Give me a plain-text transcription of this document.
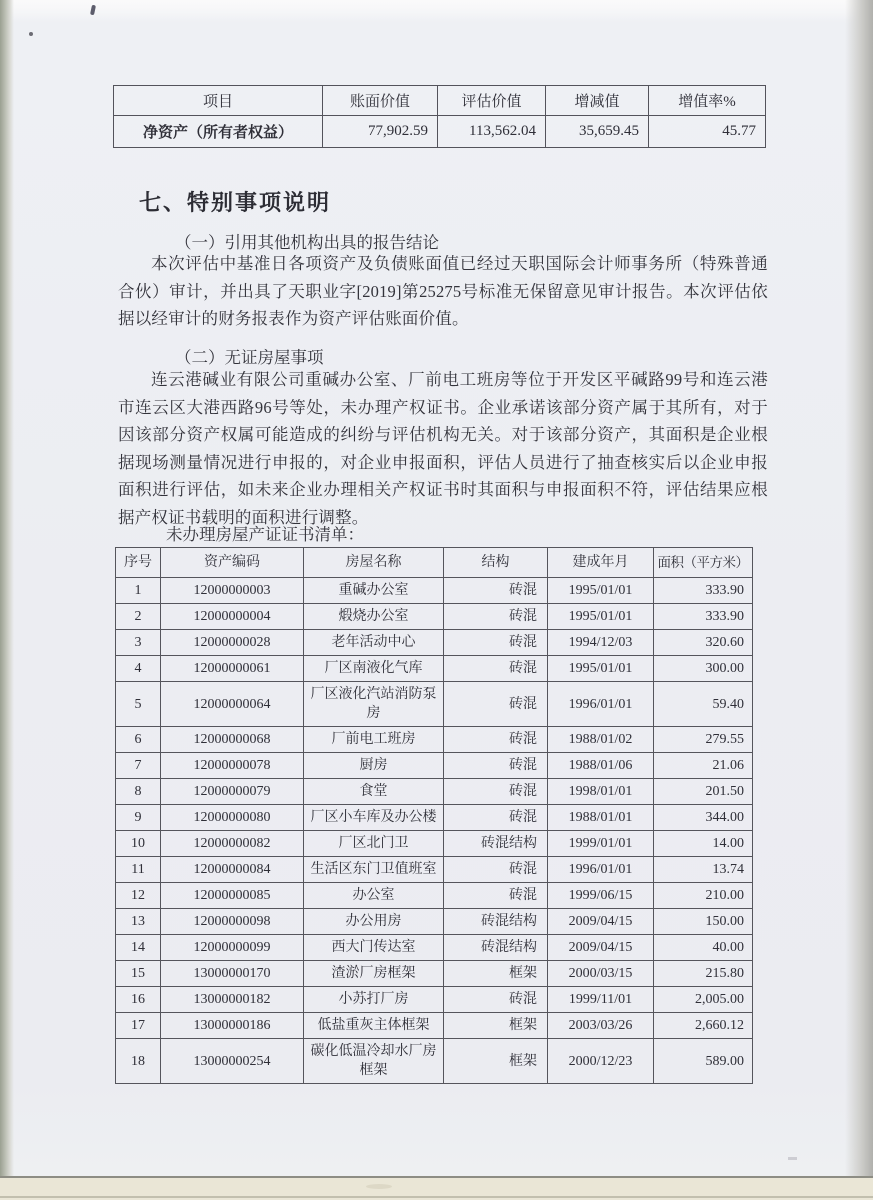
项目	账面价值	评估价值	增减值	增值率%
净资产（所有者权益）	77,902.59	113,562.04	35,659.45	45.77
七、特别事项说明
（一）引用其他机构出具的报告结论
本次评估中基准日各项资产及负债账面值已经过天职国际会计师事务所（特殊普通合伙）审计，并出具了天职业字[2019]第25275号标准无保留意见审计报告。本次评估依据以经审计的财务报表作为资产评估账面价值。
（二）无证房屋事项
连云港碱业有限公司重碱办公室、厂前电工班房等位于开发区平碱路99号和连云港市连云区大港西路96号等处，未办理产权证书。企业承诺该部分资产属于其所有，对于因该部分资产权属可能造成的纠纷与评估机构无关。对于该部分资产，其面积是企业根据现场测量情况进行申报的，对企业申报面积，评估人员进行了抽查核实后以企业申报面积进行评估，如未来企业办理相关产权证书时其面积与申报面积不符，评估结果应根据产权证书载明的面积进行调整。
未办理房屋产证证书清单：
序号	资产编码	房屋名称	结构	建成年月	面积（平方米）
1	12000000003	重碱办公室	砖混	1995/01/01	333.90
2	12000000004	煅烧办公室	砖混	1995/01/01	333.90
3	12000000028	老年活动中心	砖混	1994/12/03	320.60
4	12000000061	厂区南液化气库	砖混	1995/01/01	300.00
5	12000000064	厂区液化汽站消防泵房	砖混	1996/01/01	59.40
6	12000000068	厂前电工班房	砖混	1988/01/02	279.55
7	12000000078	厨房	砖混	1988/01/06	21.06
8	12000000079	食堂	砖混	1998/01/01	201.50
9	12000000080	厂区小车库及办公楼	砖混	1988/01/01	344.00
10	12000000082	厂区北门卫	砖混结构	1999/01/01	14.00
11	12000000084	生活区东门卫值班室	砖混	1996/01/01	13.74
12	12000000085	办公室	砖混	1999/06/15	210.00
13	12000000098	办公用房	砖混结构	2009/04/15	150.00
14	12000000099	西大门传达室	砖混结构	2009/04/15	40.00
15	13000000170	渣淤厂房框架	框架	2000/03/15	215.80
16	13000000182	小苏打厂房	砖混	1999/11/01	2,005.00
17	13000000186	低盐重灰主体框架	框架	2003/03/26	2,660.12
18	13000000254	碳化低温冷却水厂房框架	框架	2000/12/23	589.00
